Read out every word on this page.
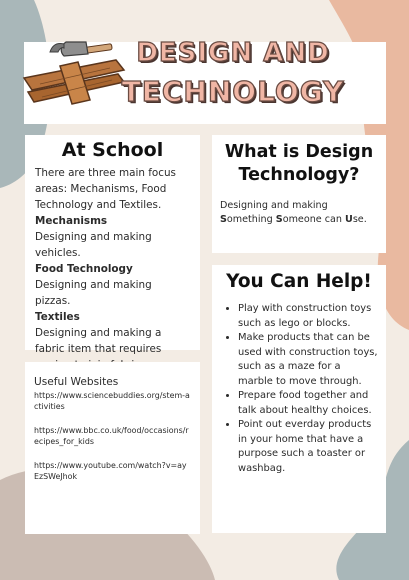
DESIGN AND
TECHNOLOGY
At School

There are three main focus areas: Mechanisms, Food Technology and Textiles.

Mechanisms

Designing and making vehicles.

Food Technology

Designing and making pizzas.

Textiles

Designing and making a fabric item that requires

What is Design Technology?

Designing and making
Something Someone can Use.

You Can Help!
• Play with construction toys such as lego or blocks.
• Make products that can be used with construction toys, such as a maze for a marble to move through.
• Prepare food together and talk about healthy choices.
• Point out everday products in your home that have a purpose such a toaster or washbag.
Useful Websites
https://www.sciencebuddies.org/stem-activities
https://www.bbc.co.uk/food/occasions/recipes_for_kids
https://www.youtube.com/watch?v=ayEzSWeJhok
